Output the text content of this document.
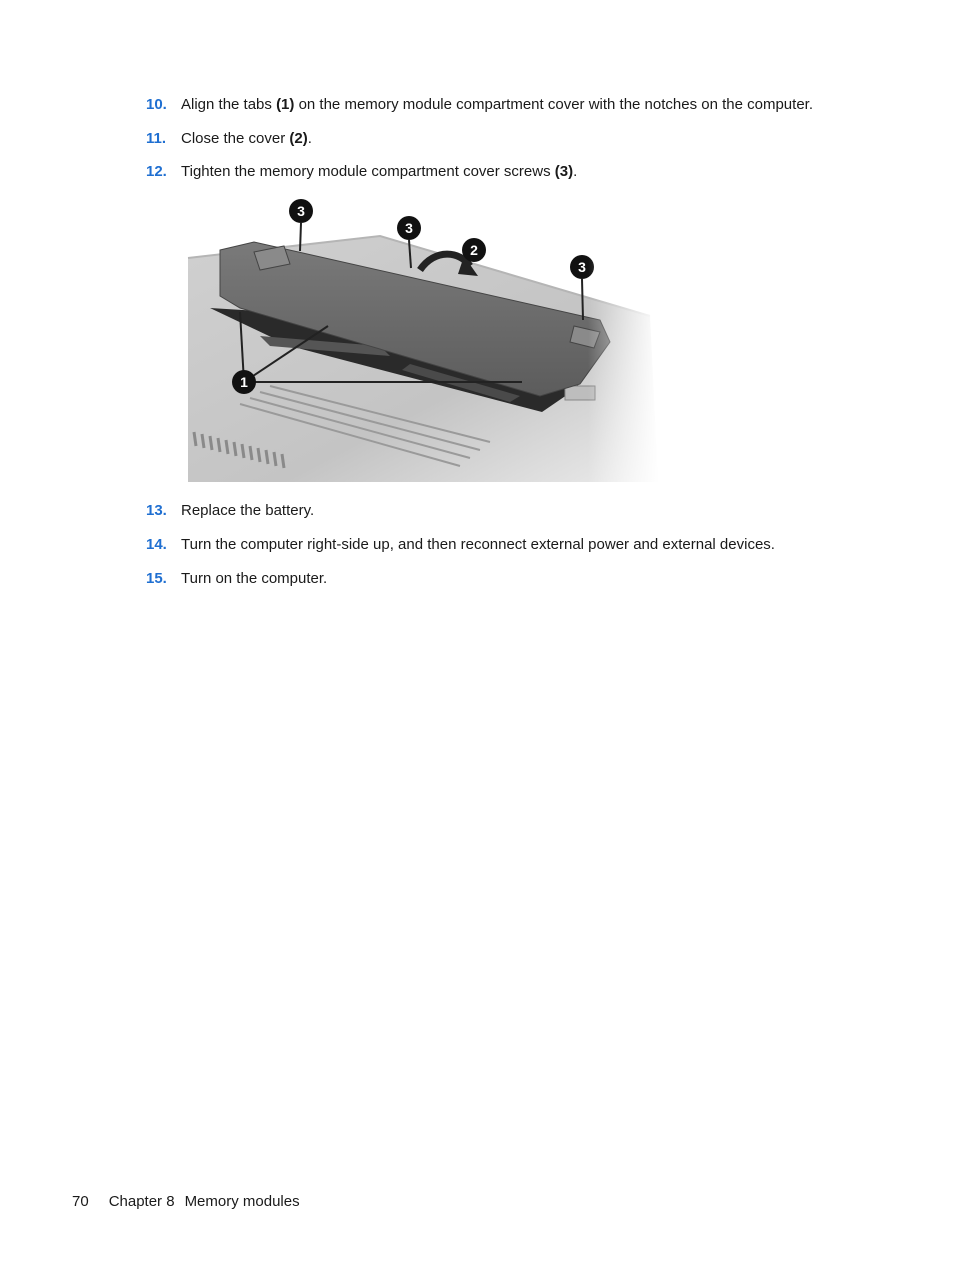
10. Align the tabs (1) on the memory module compartment cover with the notches on the computer.
11. Close the cover (2).
12. Tighten the memory module compartment cover screws (3).
13. Replace the battery.
14. Turn the computer right-side up, and then reconnect external power and external devices.
15. Turn on the computer.
70 Chapter 8 Memory modules
